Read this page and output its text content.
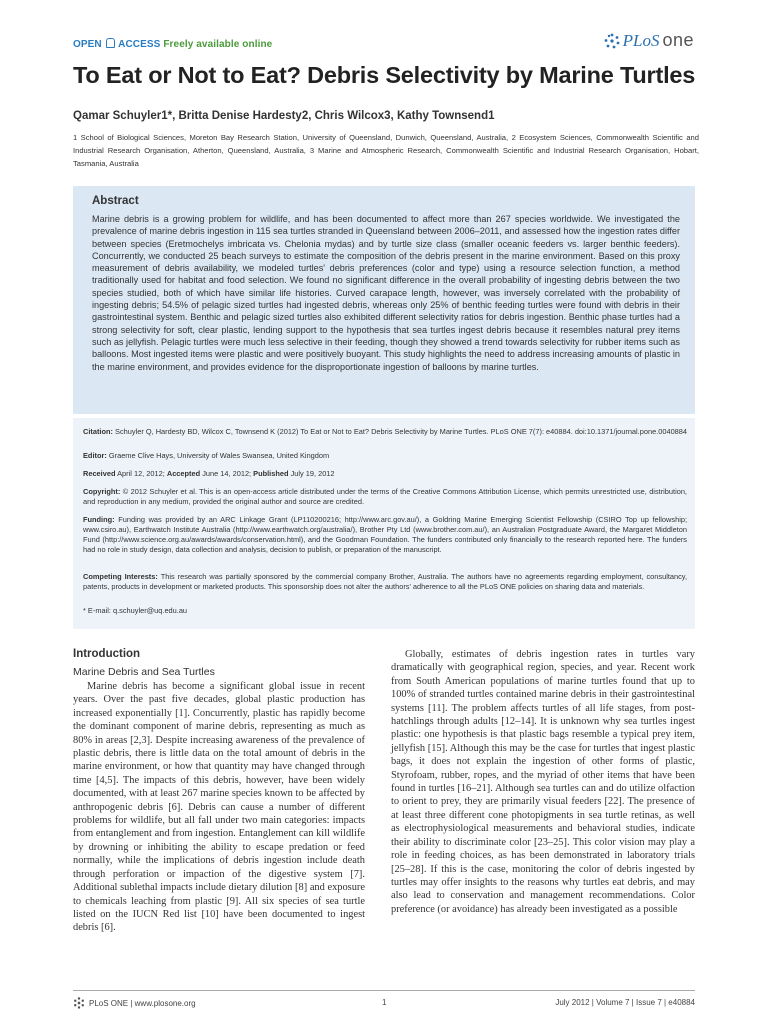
OPEN ACCESS Freely available online	PLoS one
To Eat or Not to Eat? Debris Selectivity by Marine Turtles
Qamar Schuyler1*, Britta Denise Hardesty2, Chris Wilcox3, Kathy Townsend1
1 School of Biological Sciences, Moreton Bay Research Station, University of Queensland, Dunwich, Queensland, Australia, 2 Ecosystem Sciences, Commonwealth Scientific and Industrial Research Organisation, Atherton, Queensland, Australia, 3 Marine and Atmospheric Research, Commonwealth Scientific and Industrial Research Organisation, Hobart, Tasmania, Australia
Abstract
Marine debris is a growing problem for wildlife, and has been documented to affect more than 267 species worldwide. We investigated the prevalence of marine debris ingestion in 115 sea turtles stranded in Queensland between 2006–2011, and assessed how the ingestion rates differ between species (Eretmochelys imbricata vs. Chelonia mydas) and by turtle size class (smaller oceanic feeders vs. larger benthic feeders). Concurrently, we conducted 25 beach surveys to estimate the composition of the debris present in the marine environment. Based on this proxy measurement of debris availability, we modeled turtles' debris preferences (color and type) using a resource selection function, a method traditionally used for habitat and food selection. We found no significant difference in the overall probability of ingesting debris between the two species studied, both of which have similar life histories. Curved carapace length, however, was inversely correlated with the probability of ingesting debris; 54.5% of pelagic sized turtles had ingested debris, whereas only 25% of benthic feeding turtles were found with debris in their gastrointestinal system. Benthic and pelagic sized turtles also exhibited different selectivity ratios for debris ingestion. Benthic phase turtles had a strong selectivity for soft, clear plastic, lending support to the hypothesis that sea turtles ingest debris because it resembles natural prey items such as jellyfish. Pelagic turtles were much less selective in their feeding, though they showed a trend towards selectivity for rubber items such as balloons. Most ingested items were plastic and were positively buoyant. This study highlights the need to address increasing amounts of plastic in the marine environment, and provides evidence for the disproportionate ingestion of balloons by marine turtles.
Citation: Schuyler Q, Hardesty BD, Wilcox C, Townsend K (2012) To Eat or Not to Eat? Debris Selectivity by Marine Turtles. PLoS ONE 7(7): e40884. doi:10.1371/journal.pone.0040884
Editor: Graeme Clive Hays, University of Wales Swansea, United Kingdom
Received April 12, 2012; Accepted June 14, 2012; Published July 19, 2012
Copyright: © 2012 Schuyler et al. This is an open-access article distributed under the terms of the Creative Commons Attribution License, which permits unrestricted use, distribution, and reproduction in any medium, provided the original author and source are credited.
Funding: Funding was provided by an ARC Linkage Grant (LP110200216; http://www.arc.gov.au/), a Goldring Marine Emerging Scientist Fellowship (CSIRO Top up fellowship; www.csiro.au), Earthwatch Institute Australia (http://www.earthwatch.org/australia/), Brother Pty Ltd (www.brother.com.au/), an Australian Postgraduate Award, the Margaret Middleton Fund (http://www.science.org.au/awards/awards/conservation.html), and the Goodman Foundation. The funders contributed only financially to the research reported here. The funders had no role in study design, data collection and analysis, decision to publish, or preparation of the manuscript.
Competing Interests: This research was partially sponsored by the commercial company Brother, Australia. The authors have no agreements regarding employment, consultancy, patents, products in development or marketed products. This sponsorship does not alter the authors' adherence to all the PLoS ONE policies on sharing data and materials.
* E-mail: q.schuyler@uq.edu.au
Introduction
Marine Debris and Sea Turtles

Marine debris has become a significant global issue in recent years. Over the past five decades, global plastic production has increased exponentially [1]. Concurrently, plastic has rapidly become the dominant component of marine debris, representing as much as 80% in areas [2,3]. Despite increasing awareness of the prevalence of plastic debris, there is little data on the total amount of debris in the marine environment, or how that quantity may have changed through time [4,5]. The impacts of this debris, however, have been widely documented, with at least 267 marine species known to be affected by anthropogenic debris [6]. Debris can cause a number of different problems for wildlife, but all fall under two main categories: impacts from entanglement and from ingestion. Entanglement can kill wildlife by drowning or inhibiting the ability to escape predation or feed normally, while the implications of debris ingestion include death through perforation or impaction of the digestive system [7]. Additional sublethal impacts include dietary dilution [8] and exposure to chemicals leaching from plastic [9]. All six species of sea turtle listed on the IUCN Red list [10] have been documented to ingest debris [6].

Globally, estimates of debris ingestion rates in turtles vary dramatically with geographical region, species, and year. Recent work from South American populations of marine turtles found that up to 100% of stranded turtles contained marine debris in their gastrointestinal systems [11]. The problem affects turtles of all life stages, from post-hatchlings through adults [12–14]. It is unknown why sea turtles ingest plastic: one hypothesis is that plastic bags resemble a typical prey item, jellyfish [15]. Although this may be the case for turtles that ingest plastic bags, it does not explain the ingestion of other forms of plastic, Styrofoam, rubber, ropes, and the myriad of other items that have been found in turtles [16–21]. Although sea turtles can and do utilize olfaction to orient to prey, they are primarily visual feeders [22]. The presence of at least three different cone photopigments in sea turtle retinas, as well as electrophysiological measurements and behavioral studies, indicate their ability to discriminate color [23–25]. This color vision may play a role in feeding choices, as has been demonstrated in laboratory trials [25–28]. If this is the case, monitoring the color of debris ingested by turtles may offer insights to the reasons why turtles eat debris, and may also lead to conservation and management recommendations. Color preference (or avoidance) has already been investigated as a possible

PLoS ONE | www.plosone.org	1	July 2012 | Volume 7 | Issue 7 | e40884
